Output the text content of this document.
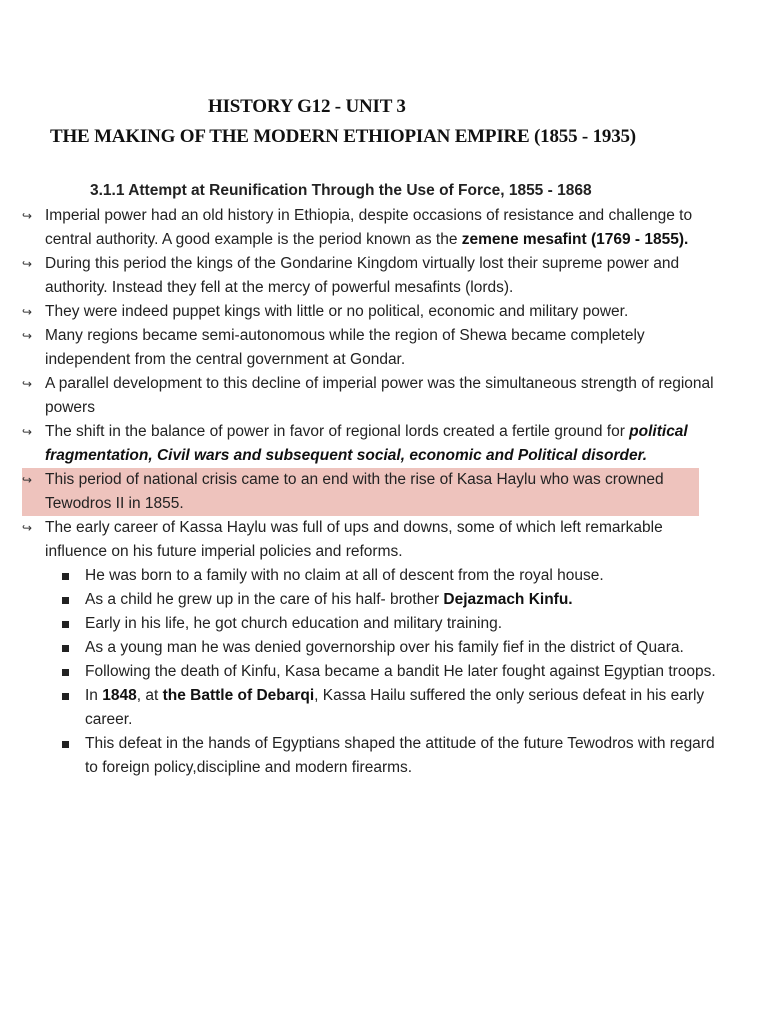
HISTORY G12 - UNIT 3
THE MAKING OF THE MODERN ETHIOPIAN EMPIRE (1855 - 1935)
3.1.1 Attempt at Reunification Through the Use of Force, 1855 - 1868
↪ Imperial power had an old history in Ethiopia, despite occasions of resistance and challenge to central authority. A good example is the period known as the zemene mesafint (1769 - 1855).
↪ During this period the kings of the Gondarine Kingdom virtually lost their supreme power and authority. Instead they fell at the mercy of powerful mesafints (lords).
↪ They were indeed puppet kings with little or no political, economic and military power.
↪ Many regions became semi-autonomous while the region of Shewa became completely independent from the central government at Gondar.
↪ A parallel development to this decline of imperial power was the simultaneous strength of regional powers
↪ The shift in the balance of power in favor of regional lords created a fertile ground for political fragmentation, Civil wars and subsequent social, economic and Political disorder.
↪ This period of national crisis came to an end with the rise of Kasa Haylu who was crowned Tewodros II in 1855.
↪ The early career of Kassa Haylu was full of ups and downs, some of which left remarkable influence on his future imperial policies and reforms.
He was born to a family with no claim at all of descent from the royal house.
As a child he grew up in the care of his half- brother Dejazmach Kinfu.
Early in his life, he got church education and military training.
As a young man he was denied governorship over his family fief in the district of Quara.
Following the death of Kinfu, Kasa became a bandit He later fought against Egyptian troops.
In 1848, at the Battle of Debarqi, Kassa Hailu suffered the only serious defeat in his early career.
This defeat in the hands of Egyptians shaped the attitude of the future Tewodros with regard to foreign policy,discipline and modern firearms.
